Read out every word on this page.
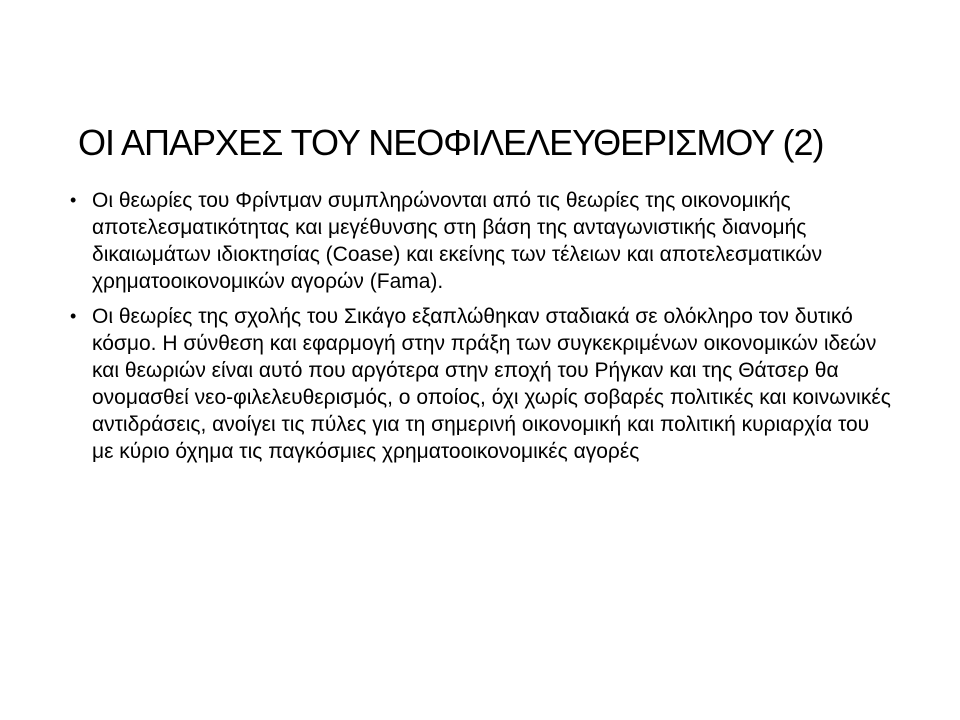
ΟΙ ΑΠΑΡΧΕΣ ΤΟΥ ΝΕΟΦΙΛΕΛΕΥΘΕΡΙΣΜΟΥ (2)
• Οι θεωρίες του Φρίντμαν συμπληρώνονται από τις θεωρίες της οικονομικής αποτελεσματικότητας και μεγέθυνσης στη βάση της ανταγωνιστικής διανομής δικαιωμάτων ιδιοκτησίας (Coase) και εκείνης των τέλειων και αποτελεσματικών χρηματοοικονομικών αγορών (Fama).
• Οι θεωρίες της σχολής του Σικάγο εξαπλώθηκαν σταδιακά σε ολόκληρο τον δυτικό κόσμο. Η σύνθεση και εφαρμογή στην πράξη των συγκεκριμένων οικονομικών ιδεών και θεωριών είναι αυτό που αργότερα στην εποχή του Ρήγκαν και της Θάτσερ θα ονομασθεί νεο-φιλελευθερισμός, ο οποίος, όχι χωρίς σοβαρές πολιτικές και κοινωνικές αντιδράσεις, ανοίγει τις πύλες για τη σημερινή οικονομική και πολιτική κυριαρχία του με κύριο όχημα τις παγκόσμιες χρηματοοικονομικές αγορές
